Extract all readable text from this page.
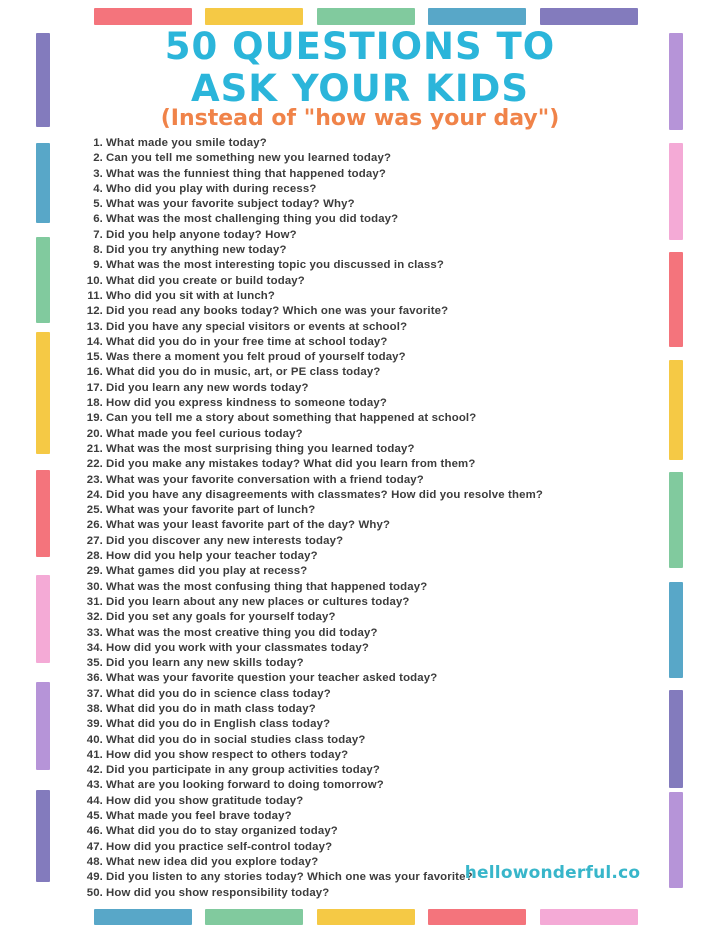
50 QUESTIONS TO
ASK YOUR KIDS

(Instead of "how was your day")

1. What made you smile today?
2. Can you tell me something new you learned today?
3. What was the funniest thing that happened today?
4. Who did you play with during recess?
5. What was your favorite subject today? Why?
6. What was the most challenging thing you did today?
7. Did you help anyone today? How?
8. Did you try anything new today?
9. What was the most interesting topic you discussed in class?
10. What did you create or build today?
11. Who did you sit with at lunch?
12. Did you read any books today? Which one was your favorite?
13. Did you have any special visitors or events at school?
14. What did you do in your free time at school today?
15. Was there a moment you felt proud of yourself today?
16. What did you do in music, art, or PE class today?
17. Did you learn any new words today?
18. How did you express kindness to someone today?
19. Can you tell me a story about something that happened at school?
20. What made you feel curious today?
21. What was the most surprising thing you learned today?
22. Did you make any mistakes today? What did you learn from them?
23. What was your favorite conversation with a friend today?
24. Did you have any disagreements with classmates? How did you resolve them?
25. What was your favorite part of lunch?
26. What was your least favorite part of the day? Why?
27. Did you discover any new interests today?
28. How did you help your teacher today?
29. What games did you play at recess?
30. What was the most confusing thing that happened today?
31. Did you learn about any new places or cultures today?
32. Did you set any goals for yourself today?
33. What was the most creative thing you did today?
34. How did you work with your classmates today?
35. Did you learn any new skills today?
36. What was your favorite question your teacher asked today?
37. What did you do in science class today?
38. What did you do in math class today?
39. What did you do in English class today?
40. What did you do in social studies class today?
41. How did you show respect to others today?
42. Did you participate in any group activities today?
43. What are you looking forward to doing tomorrow?
44. How did you show gratitude today?
45. What made you feel brave today?
46. What did you do to stay organized today?
47. How did you practice self-control today?
48. What new idea did you explore today?
49. Did you listen to any stories today? Which one was your favorite?
50. How did you show responsibility today?
hellowonderful.co
